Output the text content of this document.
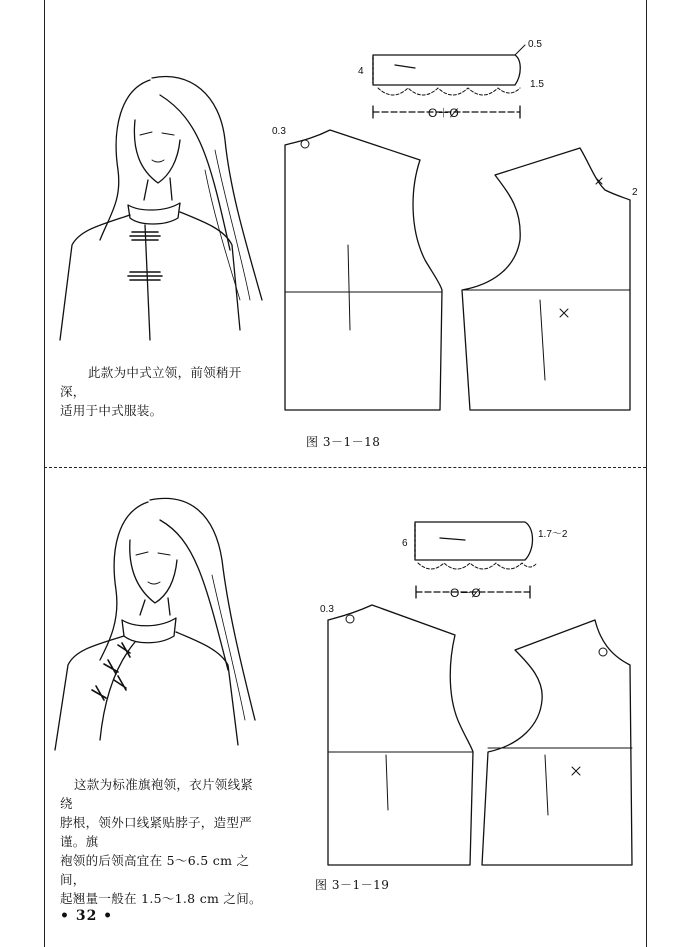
4
0.5
1.5
O＋Ø
0.3
2
6
1.7～2
O－Ø
0.3
此款为中式立领，前领稍开深，
适用于中式服装。
图 3－1－18
这款为标准旗袍领，衣片领线紧绕
脖根，领外口线紧贴脖子，造型严谨。旗
袍领的后领高宜在 5～6.5 cm 之间，
起翘量一般在 1.5～1.8 cm 之间。
图 3－1－19
• 32 •
